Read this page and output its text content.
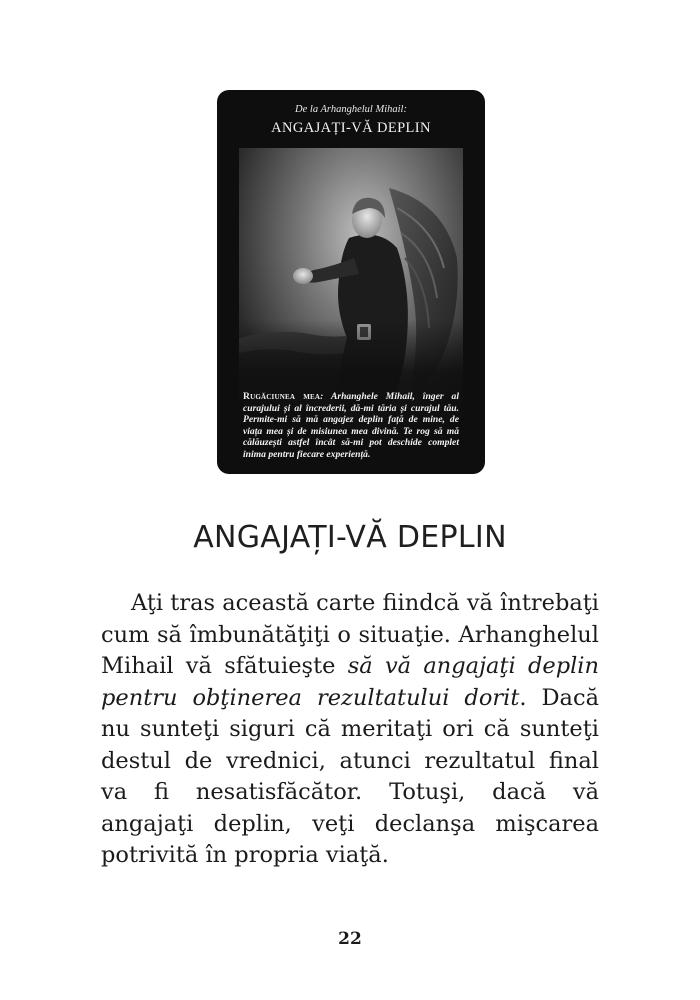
De la Arhanghelul Mihail:
ANGAJAȚI-VĂ DEPLIN
Rugăciunea mea: Arhanghele Mihail, înger al curajului și al încrederii, dă-mi tăria și curajul tău. Permite-mi să mă angajez deplin față de mine, de viața mea și de misiunea mea divină. Te rog să mă călăuzești astfel încât să-mi pot deschide complet inima pentru fiecare experiență.
ANGAJAȚI-VĂ DEPLIN

Aţi tras această carte fiindcă vă întrebaţi cum să îmbunătăţiţi o situaţie. Arhanghelul Mihail vă sfătuieşte să vă angajaţi deplin pentru obţinerea rezultatului dorit. Dacă nu sunteţi siguri că meritaţi ori că sunteţi destul de vrednici, atunci rezultatul final va fi nesatisfăcător. Totuşi, dacă vă angajaţi deplin, veţi declanşa mişcarea potrivită în propria viaţă.

22
